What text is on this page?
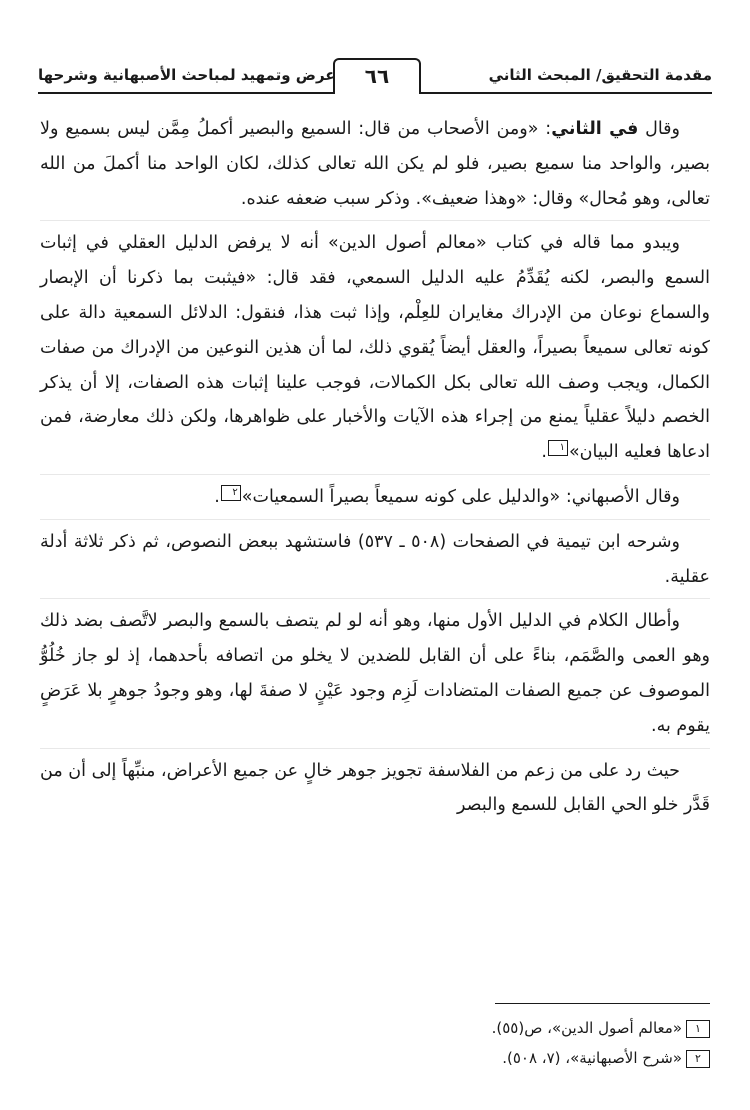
مقدمة التحقيق/ المبحث الثاني
٦٦
عرض وتمهيد لمباحث الأصبهانية وشرحها

وقال في الثاني: «ومن الأصحاب من قال: السميع والبصير أكملُ مِمَّن ليس بسميع ولا بصير، والواحد منا سميع بصير، فلو لم يكن الله تعالى كذلك، لكان الواحد منا أكملَ من الله تعالى، وهو مُحال» وقال: «وهذا ضعيف». وذكر سبب ضعفه عنده.

ويبدو مما قاله في كتاب «معالم أصول الدين» أنه لا يرفض الدليل العقلي في إثبات السمع والبصر، لكنه يُقَدِّمُ عليه الدليل السمعي، فقد قال: «فيثبت بما ذكرنا أن الإبصار والسماع نوعان من الإدراك مغايران للعِلْم، وإذا ثبت هذا، فنقول: الدلائل السمعية دالة على كونه تعالى سميعاً بصيراً، والعقل أيضاً يُقوي ذلك، لما أن هذين النوعين من الإدراك من صفات الكمال، ويجب وصف الله تعالى بكل الكمالات، فوجب علينا إثبات هذه الصفات، إلا أن يذكر الخصم دليلاً عقلياً يمنع من إجراء هذه الآيات والأخبار على ظواهرها، ولكن ذلك معارضة، فمن ادعاها فعليه البيان»١.

وقال الأصبهاني: «والدليل على كونه سميعاً بصيراً السمعيات»٢.

وشرحه ابن تيمية في الصفحات (٥٠٨ ـ ٥٣٧) فاستشهد ببعض النصوص، ثم ذكر ثلاثة أدلة عقلية.

وأطال الكلام في الدليل الأول منها، وهو أنه لو لم يتصف بالسمع والبصر لاتَّصف بضد ذلك وهو العمى والصَّمَم، بناءً على أن القابل للضدين لا يخلو من اتصافه بأحدهما، إذ لو جاز خُلُوُّ الموصوف عن جميع الصفات المتضادات لَزِم وجود عَيْنٍ لا صفةَ لها، وهو وجودُ جوهرٍ بلا عَرَضٍ يقوم به.

حيث رد على من زعم من الفلاسفة تجويز جوهر خالٍ عن جميع الأعراض، منبِّهاً إلى أن من قَدَّر خلو الحي القابل للسمع والبصر

١«معالم أصول الدين»، ص(٥٥).
٢«شرح الأصبهانية»، (٧، ٥٠٨).
